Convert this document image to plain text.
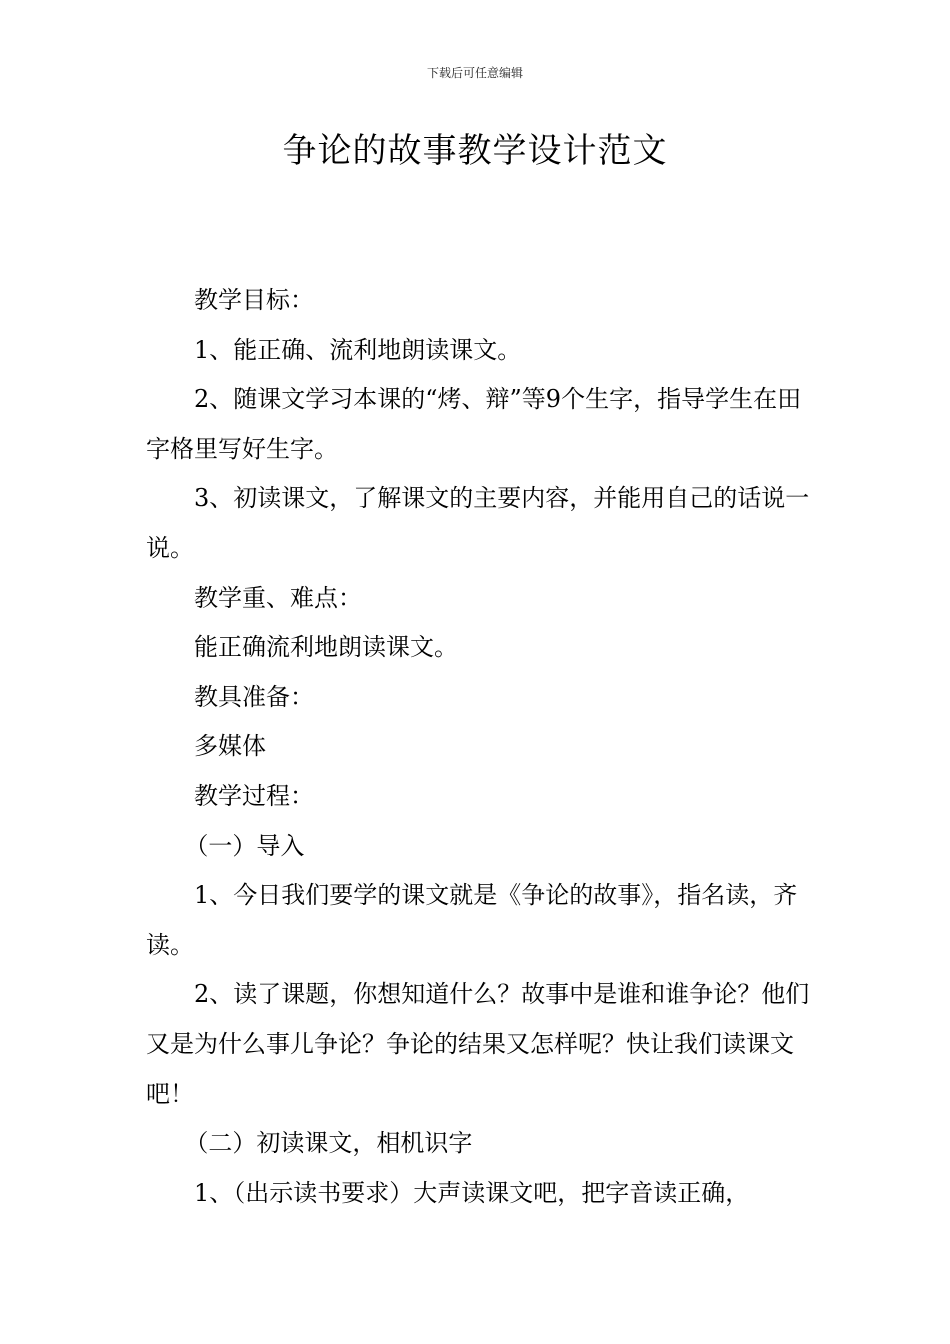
下载后可任意编辑
争论的故事教学设计范文

教学目标：

1、能正确、流利地朗读课文。

2、随课文学习本课的“烤、辩”等9个生字，指导学生在田字格里写好生字。

3、初读课文，了解课文的主要内容，并能用自己的话说一说。

教学重、难点：

能正确流利地朗读课文。

教具准备：

多媒体

教学过程：

（一）导入

1、今日我们要学的课文就是《争论的故事》，指名读，齐读。

2、读了课题，你想知道什么？故事中是谁和谁争论？他们又是为什么事儿争论？争论的结果又怎样呢？快让我们读课文吧！

（二）初读课文，相机识字

1、（出示读书要求）大声读课文吧，把字音读正确，
